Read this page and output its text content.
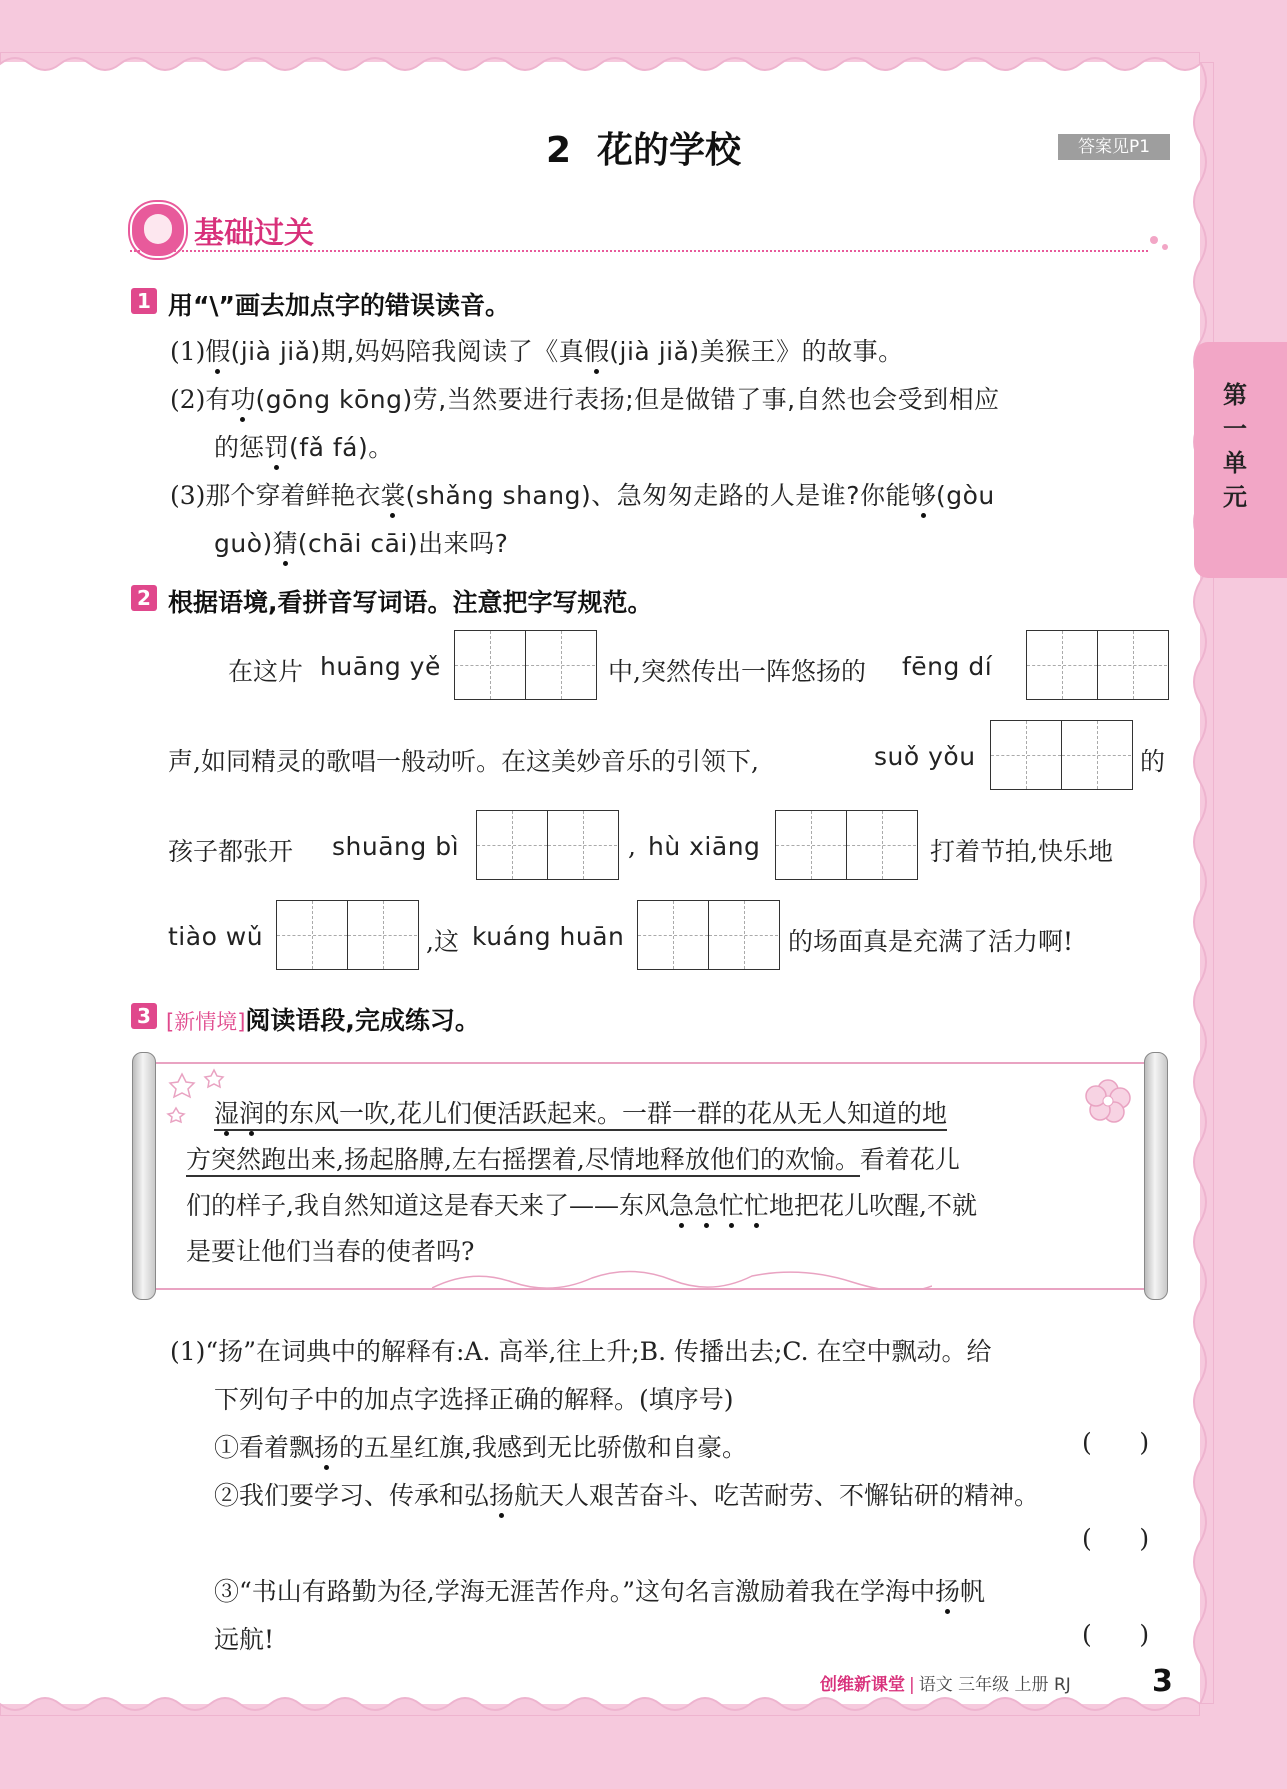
2 花的学校	答案见P1
第一单元
基础过关
1 用“\”画去加点字的错误读音。
(1)假(jià jiǎ)期,妈妈陪我阅读了《真假(jià jiǎ)美猴王》的故事。
(2)有功(gōng kōng)劳,当然要进行表扬;但是做错了事,自然也会受到相应
的惩罚(fǎ fá)。
(3)那个穿着鲜艳衣裳(shǎng shang)、急匆匆走路的人是谁?你能够(gòu
guò)猜(chāi cāi)出来吗?
2 根据语境,看拼音写词语。注意把字写规范。
在这片 huāng yě	中,突然传出一阵悠扬的 fēng dí
声,如同精灵的歌唱一般动听。在这美妙音乐的引领下,	suǒ yǒu	的
孩子都张开 shuāng bì	, hù xiāng	打着节拍,快乐地
tiào wǔ	,这 kuáng huān	的场面真是充满了活力啊!
3 [新情境]阅读语段,完成练习。
湿润的东风一吹,花儿们便活跃起来。一群一群的花从无人知道的地
方突然跑出来,扬起胳膊,左右摇摆着,尽情地释放他们的欢愉。看着花儿
们的样子,我自然知道这是春天来了——东风急急忙忙地把花儿吹醒,不就
是要让他们当春的使者吗?
(1)“扬”在词典中的解释有:A. 高举,往上升;B. 传播出去;C. 在空中飘动。给
下列句子中的加点字选择正确的解释。(填序号)
①看着飘扬的五星红旗,我感到无比骄傲和自豪。	(      )
②我们要学习、传承和弘扬航天人艰苦奋斗、吃苦耐劳、不懈钻研的精神。
(      )
③“书山有路勤为径,学海无涯苦作舟。”这句名言激励着我在学海中扬帆
远航!	(      )
创维新课堂 | 语文 三年级 上册 RJ	3
